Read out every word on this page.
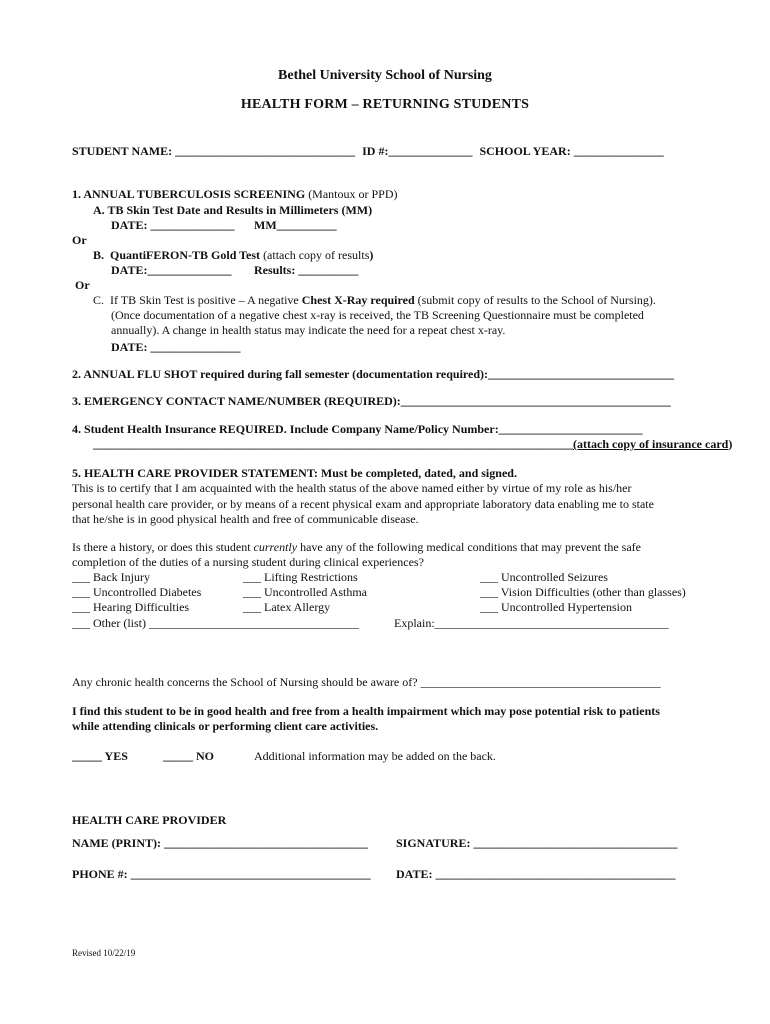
Bethel University School of Nursing
HEALTH FORM – RETURNING STUDENTS
STUDENT NAME: ______________________________ ID #:______________ SCHOOL YEAR: _______________
1. ANNUAL TUBERCULOSIS SCREENING (Mantoux or PPD)
A. TB Skin Test Date and Results in Millimeters (MM)
DATE: ______________ MM__________
Or
B. QuantiFERON-TB Gold Test (attach copy of results)
DATE:______________ Results: __________
Or
C. If TB Skin Test is positive – A negative Chest X-Ray required (submit copy of results to the School of Nursing).
(Once documentation of a negative chest x-ray is received, the TB Screening Questionnaire must be completed
annually). A change in health status may indicate the need for a repeat chest x-ray.
DATE: _______________
2. ANNUAL FLU SHOT required during fall semester (documentation required):_______________________________
3. EMERGENCY CONTACT NAME/NUMBER (REQUIRED):_____________________________________________
4. Student Health Insurance REQUIRED. Include Company Name/Policy Number:________________________
________________________________________________________________________________(attach copy of insurance card)
5. HEALTH CARE PROVIDER STATEMENT: Must be completed, dated, and signed.
This is to certify that I am acquainted with the health status of the above named either by virtue of my role as his/her
personal health care provider, or by means of a recent physical exam and appropriate laboratory data enabling me to state
that he/she is in good physical health and free of communicable disease.
Is there a history, or does this student currently have any of the following medical conditions that may prevent the safe
completion of the duties of a nursing student during clinical experiences?
___ Back Injury
___ Uncontrolled Diabetes
___ Hearing Difficulties
___ Other (list) ___________________________________
___ Lifting Restrictions
___ Uncontrolled Asthma
___ Latex Allergy
___ Uncontrolled Seizures
___ Vision Difficulties (other than glasses)
___ Uncontrolled Hypertension
Explain:_______________________________________
Any chronic health concerns the School of Nursing should be aware of? ________________________________________
I find this student to be in good health and free from a health impairment which may pose potential risk to patients
while attending clinicals or performing client care activities.
_____ YES	_____ NO	Additional information may be added on the back.
HEALTH CARE PROVIDER
NAME (PRINT): __________________________________ SIGNATURE: __________________________________
PHONE #: ________________________________________ DATE: ________________________________________
Revised 10/22/19
